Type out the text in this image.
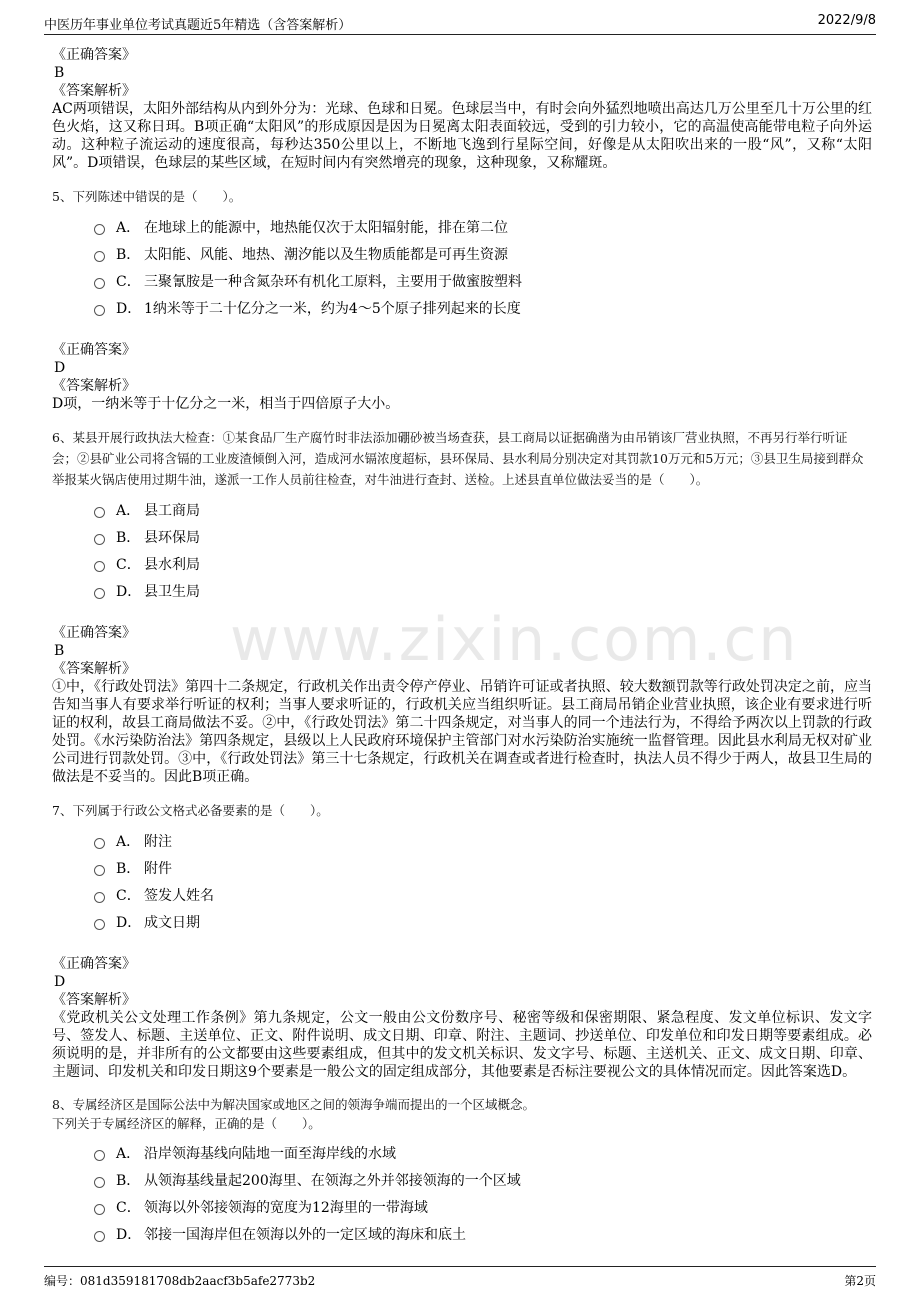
中医历年事业单位考试真题近5年精选（含答案解析）	2022/9/8
www.zixin.com.cn
《正确答案》
B
《答案解析》
AC两项错误，太阳外部结构从内到外分为：光球、色球和日冕。色球层当中，有时会向外猛烈地喷出高达几万公里至几十万公里的红色火焰，这又称日珥。B项正确“太阳风”的形成原因是因为日冕离太阳表面较远，受到的引力较小，它的高温使高能带电粒子向外运动。这种粒子流运动的速度很高，每秒达350公里以上，不断地飞逸到行星际空间，好像是从太阳吹出来的一股“风”，又称“太阳风”。D项错误，色球层的某些区域，在短时间内有突然增亮的现象，这种现象，又称耀斑。
5、下列陈述中错误的是（　　）。
A． 在地球上的能源中，地热能仅次于太阳辐射能，排在第二位
B． 太阳能、风能、地热、潮汐能以及生物质能都是可再生资源
C． 三聚氰胺是一种含氮杂环有机化工原料，主要用于做蜜胺塑料
D． 1纳米等于二十亿分之一米，约为4～5个原子排列起来的长度
《正确答案》
D
《答案解析》
D项，一纳米等于十亿分之一米，相当于四倍原子大小。
6、某县开展行政执法大检查：①某食品厂生产腐竹时非法添加硼砂被当场查获，县工商局以证据确凿为由吊销该厂营业执照，不再另行举行听证会；②县矿业公司将含镉的工业废渣倾倒入河，造成河水镉浓度超标，县环保局、县水利局分别决定对其罚款10万元和5万元；③县卫生局接到群众举报某火锅店使用过期牛油，遂派一工作人员前往检查，对牛油进行查封、送检。上述县直单位做法妥当的是（　　）。
A． 县工商局
B． 县环保局
C． 县水利局
D． 县卫生局
《正确答案》
B
《答案解析》
①中，《行政处罚法》第四十二条规定，行政机关作出责令停产停业、吊销许可证或者执照、较大数额罚款等行政处罚决定之前，应当告知当事人有要求举行听证的权利；当事人要求听证的，行政机关应当组织听证。县工商局吊销企业营业执照，该企业有要求进行听证的权利，故县工商局做法不妥。②中，《行政处罚法》第二十四条规定，对当事人的同一个违法行为，不得给予两次以上罚款的行政处罚。《水污染防治法》第四条规定，县级以上人民政府环境保护主管部门对水污染防治实施统一监督管理。因此县水利局无权对矿业公司进行罚款处罚。③中，《行政处罚法》第三十七条规定，行政机关在调查或者进行检查时，执法人员不得少于两人，故县卫生局的做法是不妥当的。因此B项正确。
7、下列属于行政公文格式必备要素的是（　　）。
A． 附注
B． 附件
C． 签发人姓名
D． 成文日期
《正确答案》
D
《答案解析》
《党政机关公文处理工作条例》第九条规定，公文一般由公文份数序号、秘密等级和保密期限、紧急程度、发文单位标识、发文字号、签发人、标题、主送单位、正文、附件说明、成文日期、印章、附注、主题词、抄送单位、印发单位和印发日期等要素组成。必须说明的是，并非所有的公文都要由这些要素组成，但其中的发文机关标识、发文字号、标题、主送机关、正文、成文日期、印章、主题词、印发机关和印发日期这9个要素是一般公文的固定组成部分，其他要素是否标注要视公文的具体情况而定。因此答案选D。
8、专属经济区是国际公法中为解决国家或地区之间的领海争端而提出的一个区域概念。
下列关于专属经济区的解释，正确的是（　　）。
A． 沿岸领海基线向陆地一面至海岸线的水域
B． 从领海基线量起200海里、在领海之外并邻接领海的一个区域
C． 领海以外邻接领海的宽度为12海里的一带海域
D． 邻接一国海岸但在领海以外的一定区域的海床和底土
编号：081d359181708db2aacf3b5afe2773b2	第2页
